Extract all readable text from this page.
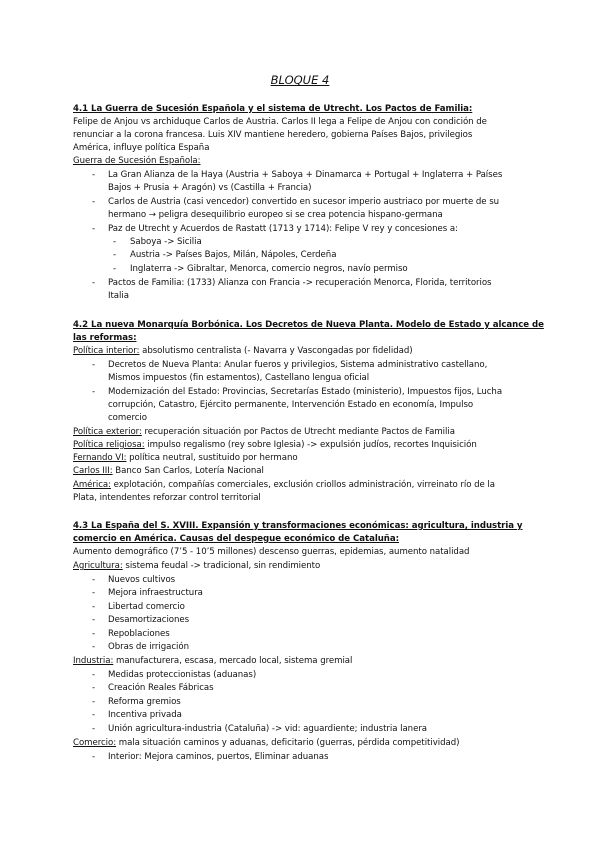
BLOQUE 4
4.1 La Guerra de Sucesión Española y el sistema de Utrecht. Los Pactos de Familia:
Felipe de Anjou vs archiduque Carlos de Austria. Carlos II lega a Felipe de Anjou con condición de
renunciar a la corona francesa. Luis XIV mantiene heredero, gobierna Países Bajos, privilegios
América, influye política España
Guerra de Sucesión Española:
-	La Gran Alianza de la Haya (Austria + Saboya + Dinamarca + Portugal + Inglaterra + Países
Bajos + Prusia + Aragón) vs (Castilla + Francia)
-	Carlos de Austria (casi vencedor) convertido en sucesor imperio austriaco por muerte de su
hermano → peligra desequilibrio europeo si se crea potencia hispano-germana
-	Paz de Utrecht y Acuerdos de Rastatt (1713 y 1714): Felipe V rey y concesiones a:
-	Saboya -> Sicilia
-	Austria -> Países Bajos, Milán, Nápoles, Cerdeña
-	Inglaterra -> Gibraltar, Menorca, comercio negros, navío permiso
-	Pactos de Familia: (1733) Alianza con Francia -> recuperación Menorca, Florida, territorios
Italia
4.2 La nueva Monarquía Borbónica. Los Decretos de Nueva Planta. Modelo de Estado y alcance de
las reformas:
Política interior: absolutismo centralista (- Navarra y Vascongadas por fidelidad)
-	Decretos de Nueva Planta: Anular fueros y privilegios, Sistema administrativo castellano,
Mismos impuestos (fin estamentos), Castellano lengua oficial
-	Modernización del Estado: Provincias, Secretarías Estado (ministerio), Impuestos fijos, Lucha
corrupción, Catastro, Ejército permanente, Intervención Estado en economía, Impulso
comercio
Política exterior: recuperación situación por Pactos de Utrecht mediante Pactos de Familia
Política religiosa: impulso regalismo (rey sobre Iglesia) -> expulsión judíos, recortes Inquisición
Fernando VI: política neutral, sustituido por hermano
Carlos III: Banco San Carlos, Lotería Nacional
América: explotación, compañías comerciales, exclusión criollos administración, virreinato río de la
Plata, intendentes reforzar control territorial
4.3 La España del S. XVIII. Expansión y transformaciones económicas: agricultura, industria y
comercio en América. Causas del despegue económico de Cataluña:
Aumento demográfico (7’5 - 10’5 millones) descenso guerras, epidemias, aumento natalidad
Agricultura: sistema feudal -> tradicional, sin rendimiento
-	Nuevos cultivos
-	Mejora infraestructura
-	Libertad comercio
-	Desamortizaciones
-	Repoblaciones
-	Obras de irrigación
Industria: manufacturera, escasa, mercado local, sistema gremial
-	Medidas proteccionistas (aduanas)
-	Creación Reales Fábricas
-	Reforma gremios
-	Incentiva privada
-	Unión agricultura-industria (Cataluña) -> vid: aguardiente; industria lanera
Comercio: mala situación caminos y aduanas, deficitario (guerras, pérdida competitividad)
-	Interior: Mejora caminos, puertos, Eliminar aduanas
